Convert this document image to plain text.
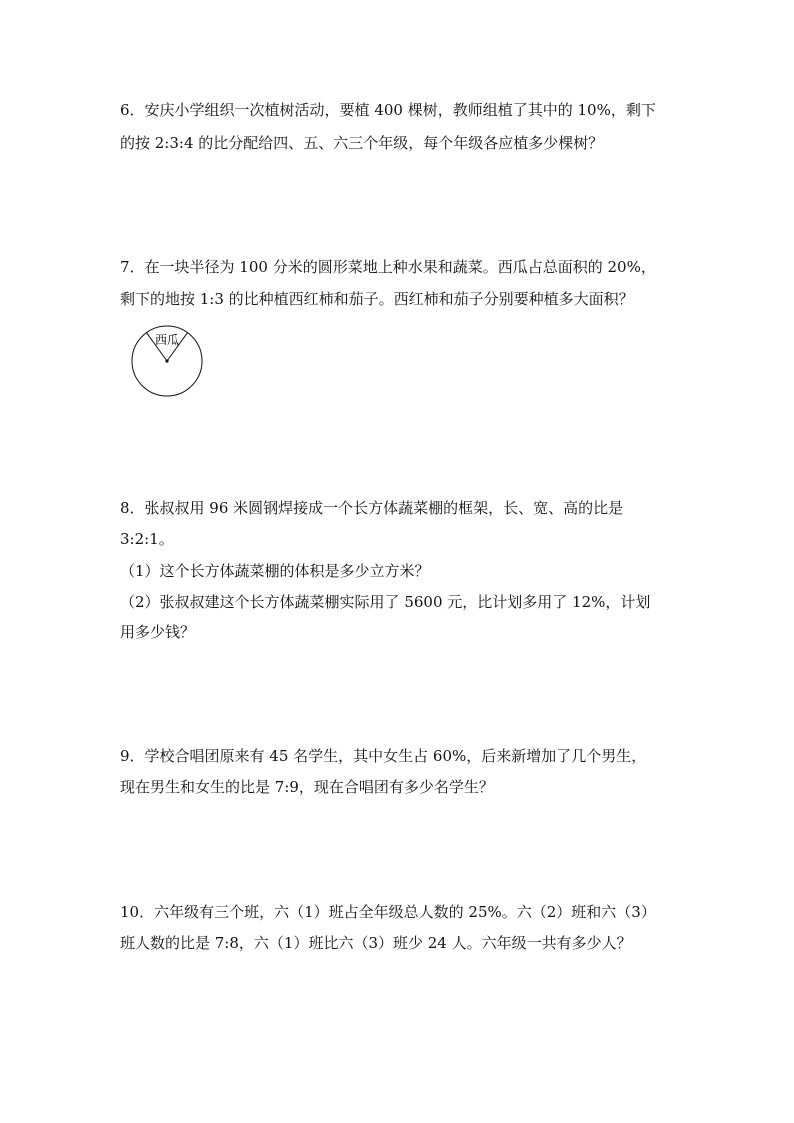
6．安庆小学组织一次植树活动，要植 400 棵树，教师组植了其中的 10%，剩下
的按 2:3:4 的比分配给四、五、六三个年级，每个年级各应植多少棵树？
7．在一块半径为 100 分米的圆形菜地上种水果和蔬菜。西瓜占总面积的 20%，
剩下的地按 1:3 的比种植西红柿和茄子。西红柿和茄子分别要种植多大面积？
西瓜
8．张叔叔用 96 米圆钢焊接成一个长方体蔬菜棚的框架，长、宽、高的比是
3:2:1。
（1）这个长方体蔬菜棚的体积是多少立方米？
（2）张叔叔建这个长方体蔬菜棚实际用了 5600 元，比计划多用了 12%，计划
用多少钱？
9．学校合唱团原来有 45 名学生，其中女生占 60%，后来新增加了几个男生，
现在男生和女生的比是 7:9，现在合唱团有多少名学生？
10．六年级有三个班，六（1）班占全年级总人数的 25%。六（2）班和六（3）
班人数的比是 7:8，六（1）班比六（3）班少 24 人。六年级一共有多少人？
